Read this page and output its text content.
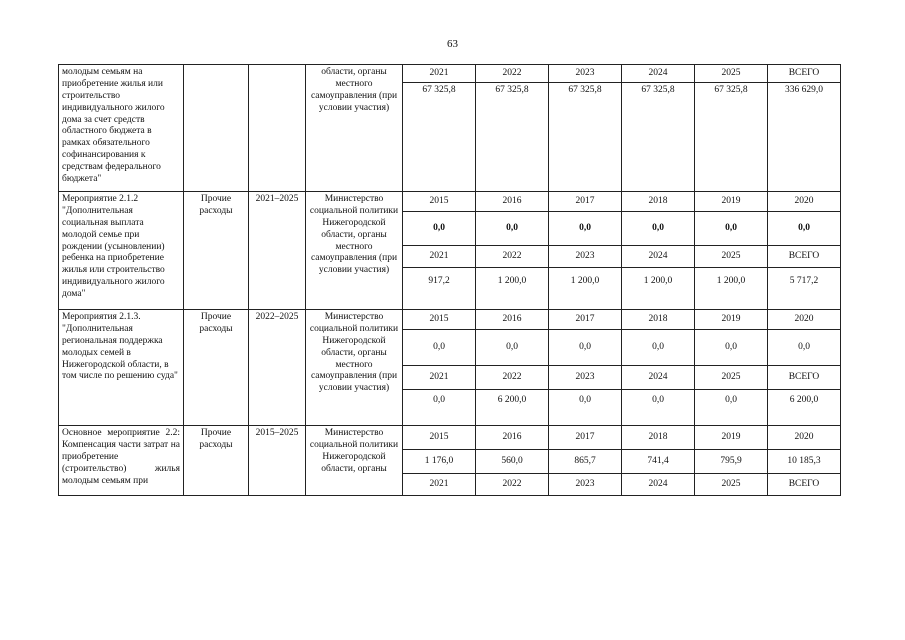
63
молодым семьям на приобретение жилья или строительство индивидуального жилого дома за счет средств областного бюджета в рамках обязательного софинансирования к средствам федерального бюджета"			области, органы местного самоуправления (при условии участия)	2021	2022	2023	2024	2025	ВСЕГО
				67 325,8	67 325,8	67 325,8	67 325,8	67 325,8	336 629,0
Мероприятие 2.1.2 "Дополнительная социальная выплата молодой семье при рождении (усыновлении) ребенка на приобретение жилья или строительство индивидуального жилого дома"	Прочие расходы	2021–2025	Министерство социальной политики Нижегородской области, органы местного самоуправления (при условии участия)	2015	2016	2017	2018	2019	2020
				0,0	0,0	0,0	0,0	0,0	0,0
				2021	2022	2023	2024	2025	ВСЕГО
				917,2	1 200,0	1 200,0	1 200,0	1 200,0	5 717,2
Мероприятия 2.1.3. "Дополнительная региональная поддержка молодых семей в Нижегородской области, в том числе по решению суда"	Прочие расходы	2022–2025	Министерство социальной политики Нижегородской области, органы местного самоуправления (при условии участия)	2015	2016	2017	2018	2019	2020
				0,0	0,0	0,0	0,0	0,0	0,0
				2021	2022	2023	2024	2025	ВСЕГО
				0,0	6 200,0	0,0	0,0	0,0	6 200,0
Основное мероприятие 2.2: Компенсация части затрат на приобретение (строительство) жилья молодым семьям при	Прочие расходы	2015–2025	Министерство социальной политики Нижегородской области, органы	2015	2016	2017	2018	2019	2020
				1 176,0	560,0	865,7	741,4	795,9	10 185,3
				2021	2022	2023	2024	2025	ВСЕГО
